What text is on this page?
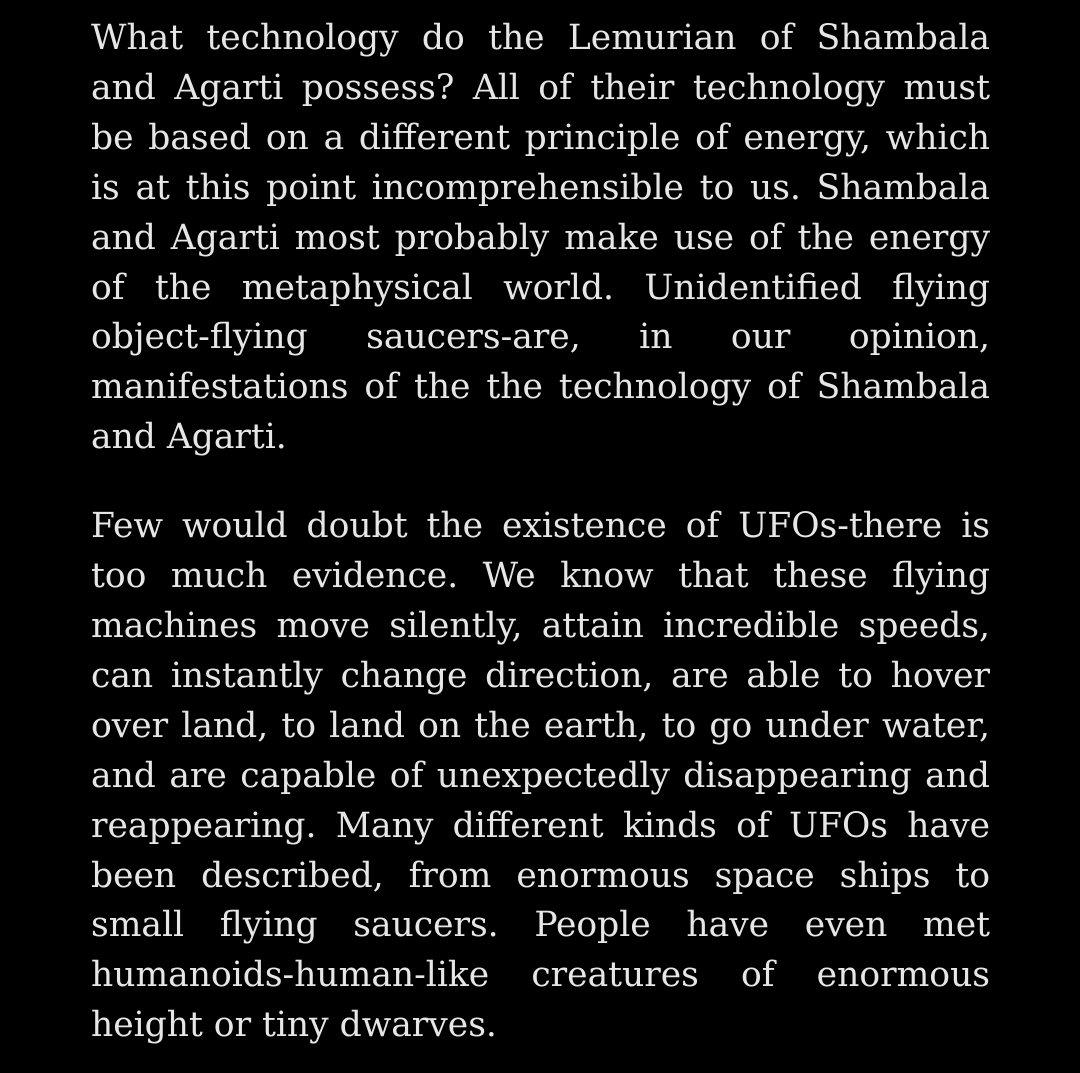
What technology do the Lemurian of Shambala and Agarti possess? All of their technology must be based on a different principle of energy, which is at this point incomprehensible to us. Shambala and Agarti most probably make use of the energy of the metaphysical world. Unidentified flying object-flying saucers-are, in our opinion, manifestations of the the technology of Shambala and Agarti.

Few would doubt the existence of UFOs-there is too much evidence. We know that these flying machines move silently, attain incredible speeds, can instantly change direction, are able to hover over land, to land on the earth, to go under water, and are capable of unexpectedly disappearing and reappearing. Many different kinds of UFOs have been described, from enormous space ships to small flying saucers. People have even met humanoids-human-like creatures of enormous height or tiny dwarves.
